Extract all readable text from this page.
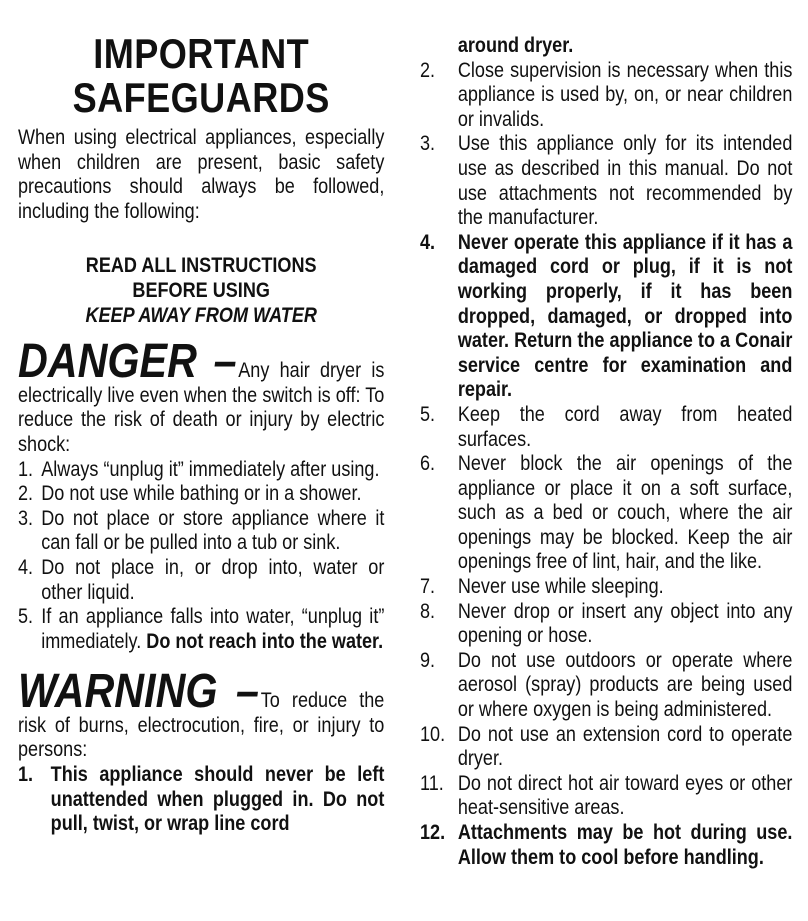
IMPORTANT
SAFEGUARDS

When using electrical appliances, especially when children are present, basic safety precautions should always be followed, including the following:

READ ALL INSTRUCTIONS
BEFORE USING
KEEP AWAY FROM WATER

DANGER –Any hair dryer is electrically live even when the switch is off: To reduce the risk of death or injury by electric shock:

1. Always “unplug it” immediately after using.
2. Do not use while bathing or in a shower.
3. Do not place or store appliance where it can fall or be pulled into a tub or sink.
4. Do not place in, or drop into, water or other liquid.
5. If an appliance falls into water, “unplug it” immediately. Do not reach into the water.

WARNING –To reduce the risk of burns, electrocution, fire, or injury to persons:

1. This appliance should never be left unattended when plugged in. Do not pull, twist, or wrap line cord

around dryer.

2. Close supervision is necessary when this appliance is used by, on, or near children or invalids.
3. Use this appliance only for its intended use as described in this manual. Do not use attachments not recommended by the manufacturer.
4. Never operate this appliance if it has a damaged cord or plug, if it is not working properly, if it has been dropped, damaged, or dropped into water. Return the appliance to a Conair service centre for examination and repair.
5. Keep the cord away from heated surfaces.
6. Never block the air openings of the appliance or place it on a soft surface, such as a bed or couch, where the air openings may be blocked. Keep the air openings free of lint, hair, and the like.
7. Never use while sleeping.
8. Never drop or insert any object into any opening or hose.
9. Do not use outdoors or operate where aerosol (spray) products are being used or where oxygen is being administered.
10. Do not use an extension cord to operate dryer.
11. Do not direct hot air toward eyes or other heat-sensitive areas.
12. Attachments may be hot during use. Allow them to cool before handling.
